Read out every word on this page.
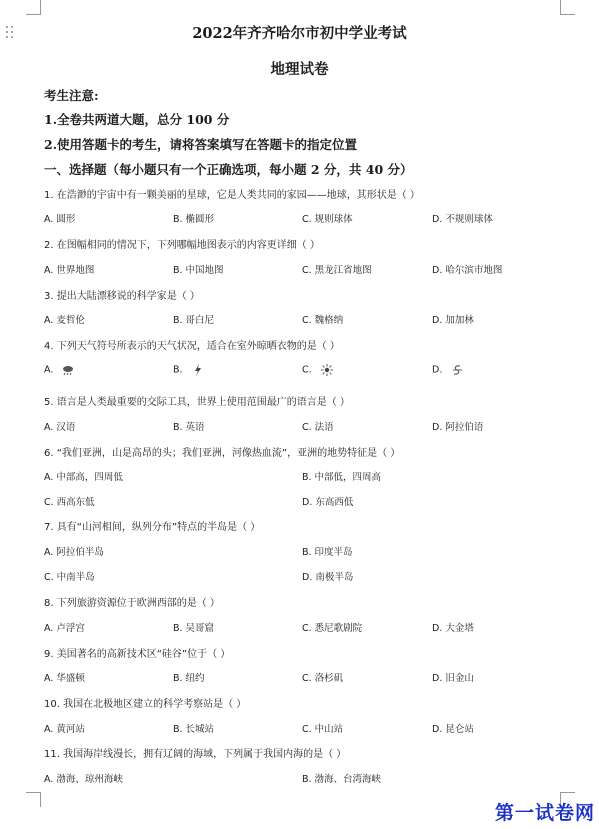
2022年齐齐哈尔市初中学业考试
地理试卷
考生注意:
1.全卷共两道大题，总分 100 分
2.使用答题卡的考生，请将答案填写在答题卡的指定位置
一、选择题（每小题只有一个正确选项，每小题 2 分，共 40 分）
1. 在浩渺的宇宙中有一颗美丽的星球，它是人类共同的家园——地球，其形状是（ ）
A. 圆形	B. 椭圆形	C. 规则球体	D. 不规则球体
2. 在图幅相同的情况下，下列哪幅地图表示的内容更详细（ ）
A. 世界地图	B. 中国地图	C. 黑龙江省地图	D. 哈尔滨市地图
3. 提出大陆漂移说的科学家是（ ）
A. 麦哲伦	B. 哥白尼	C. 魏格纳	D. 加加林
4. 下列天气符号所表示的天气状况，适合在室外晾晒衣物的是（ ）
A.	B.	C.	D.
5. 语言是人类最重要的交际工具，世界上使用范围最广的语言是（ ）
A. 汉语	B. 英语	C. 法语	D. 阿拉伯语
6. “我们亚洲，山是高昂的头；我们亚洲，河像热血流”，亚洲的地势特征是（ ）
A. 中部高，四周低	B. 中部低，四周高
C. 西高东低	D. 东高西低
7. 具有“山河相间，纵列分布”特点的半岛是（ ）
A. 阿拉伯半岛	B. 印度半岛
C. 中南半岛	D. 南极半岛
8. 下列旅游资源位于欧洲西部的是（ ）
A. 卢浮宫	B. 吴哥窟	C. 悉尼歌剧院	D. 大金塔
9. 美国著名的高新技术区“硅谷”位于（ ）
A. 华盛顿	B. 纽约	C. 洛杉矶	D. 旧金山
10. 我国在北极地区建立的科学考察站是（ ）
A. 黄河站	B. 长城站	C. 中山站	D. 昆仑站
11. 我国海岸线漫长，拥有辽阔的海域，下列属于我国内海的是（ ）
A. 渤海、琼州海峡	B. 渤海、台湾海峡
第一试卷网
